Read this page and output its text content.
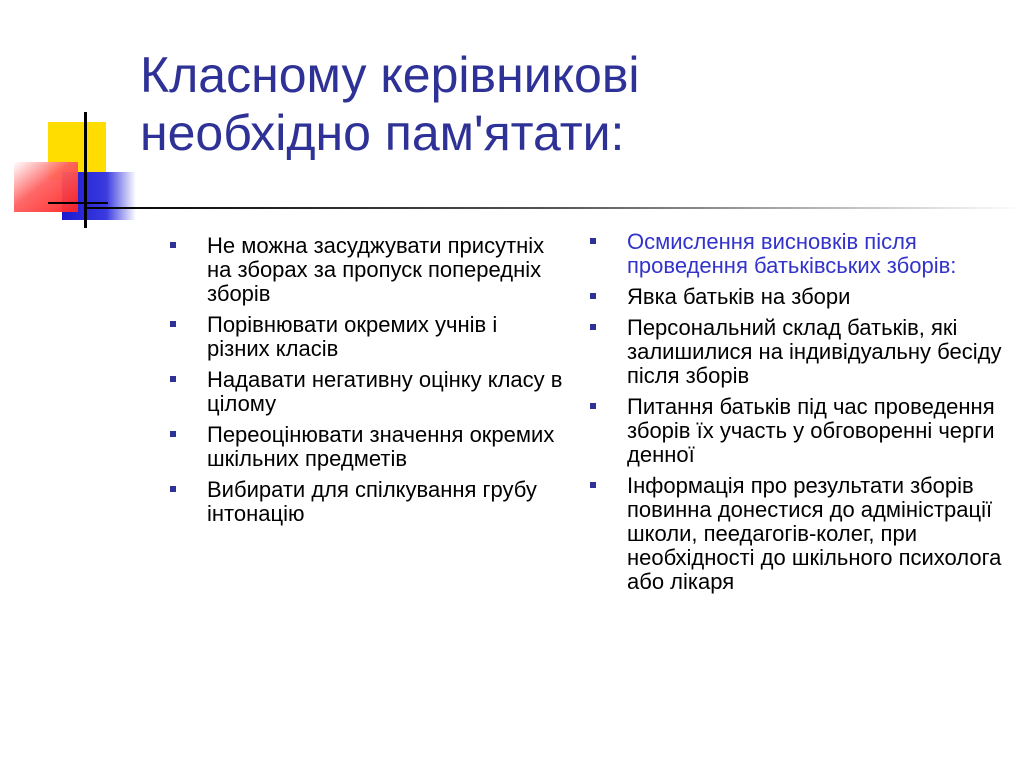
Класному керівникові
необхідно пам'ятати:
Не можна засуджувати присутніх на зборах за пропуск попередніх зборів
Порівнювати окремих учнів і різних класів
Надавати негативну оцінку класу в цілому
Переоцінювати значення окремих шкільних предметів
Вибирати для спілкування грубу інтонацію
Осмислення висновків після проведення батьківських зборів:
Явка батьків на збори
Персональний склад батьків, які залишилися на індивідуальну бесіду після зборів
Питання батьків під час проведення зборів їх участь у обговоренні черги денної
Інформація про результати зборів повинна донестися до адміністрації школи, пеедагогів-колег, при необхідності до шкільного психолога або лікаря
